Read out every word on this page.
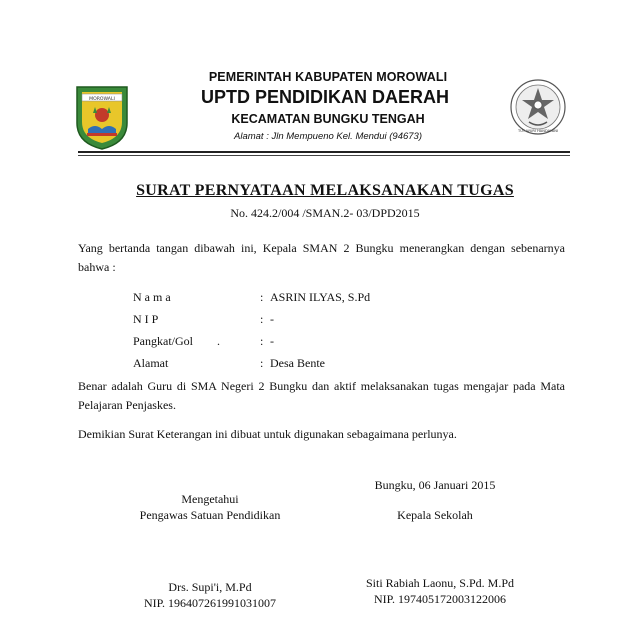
MOROWALI
TUT WURI HANDAYANI
PEMERINTAH KABUPATEN MOROWALI
UPTD PENDIDIKAN DAERAH
KECAMATAN BUNGKU TENGAH
Alamat : Jln Mempueno Kel. Mendui (94673)
SURAT PERNYATAAN MELAKSANAKAN TUGAS
No. 424.2/004 /SMAN.2- 03/DPD2015
Yang bertanda tangan dibawah ini, Kepala SMAN 2 Bungku menerangkan dengan sebenarnya bahwa :
N a m a	: ASRIN ILYAS, S.Pd
N I P	: -
Pangkat/Gol        .	: -
Alamat	: Desa Bente
Benar adalah Guru di SMA Negeri 2 Bungku dan aktif melaksanakan tugas mengajar pada Mata Pelajaran Penjaskes.
Demikian Surat Keterangan ini dibuat untuk digunakan sebagaimana perlunya.
Bungku, 06 Januari 2015
Mengetahui
Pengawas Satuan Pendidikan	Kepala Sekolah
Drs. Supi'i, M.Pd
NIP. 196407261991031007
Siti Rabiah Laonu, S.Pd. M.Pd
NIP. 197405172003122006
